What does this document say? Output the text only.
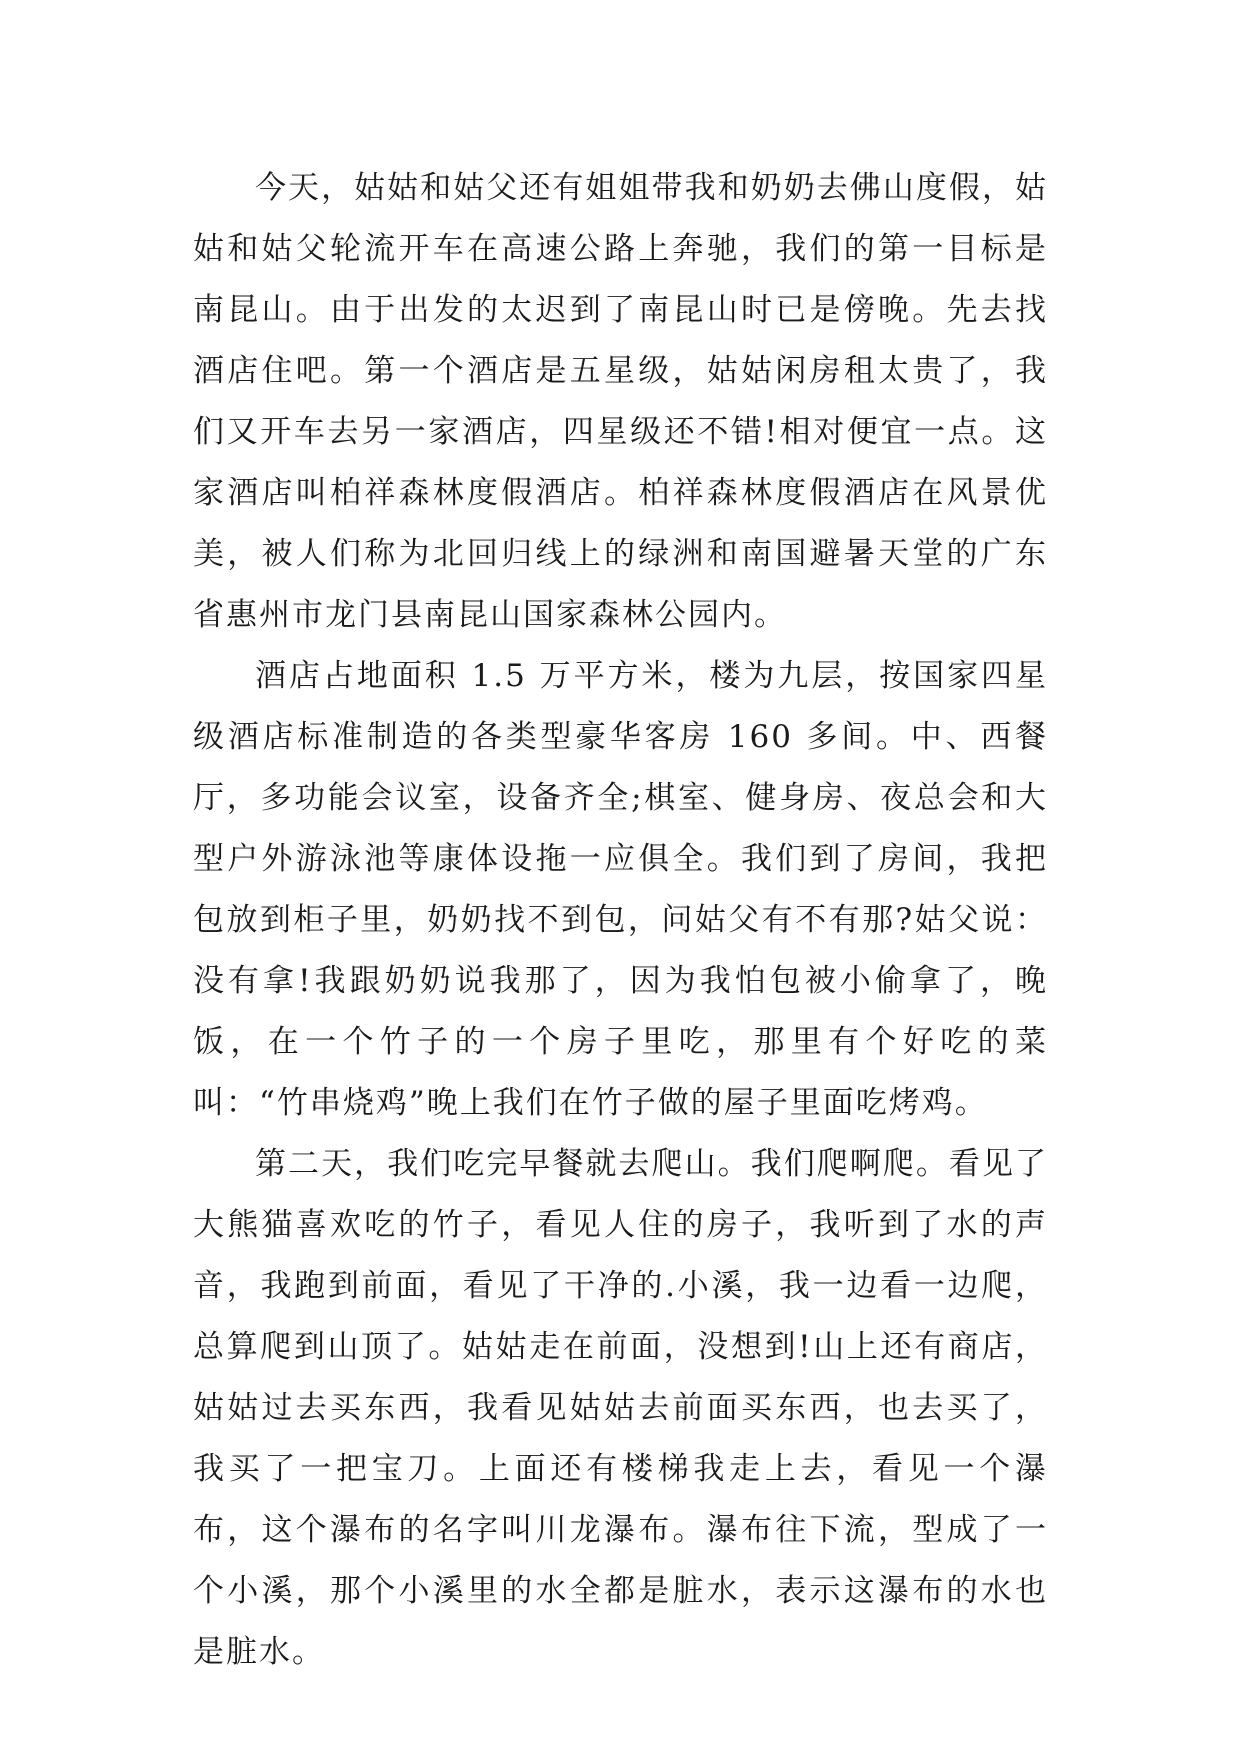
今天，姑姑和姑父还有姐姐带我和奶奶去佛山度假，姑姑和姑父轮流开车在高速公路上奔驰，我们的第一目标是南昆山。由于出发的太迟到了南昆山时已是傍晚。先去找酒店住吧。第一个酒店是五星级，姑姑闲房租太贵了，我们又开车去另一家酒店，四星级还不错!相对便宜一点。这家酒店叫柏祥森林度假酒店。柏祥森林度假酒店在风景优美，被人们称为北回归线上的绿洲和南国避暑天堂的广东省惠州市龙门县南昆山国家森林公园内。

酒店占地面积 1.5 万平方米，楼为九层，按国家四星级酒店标准制造的各类型豪华客房 160 多间。中、西餐厅，多功能会议室，设备齐全;棋室、健身房、夜总会和大型户外游泳池等康体设拖一应俱全。我们到了房间，我把包放到柜子里，奶奶找不到包，问姑父有不有那?姑父说：没有拿!我跟奶奶说我那了，因为我怕包被小偷拿了，晚饭，在一个竹子的一个房子里吃，那里有个好吃的菜叫：“竹串烧鸡”晚上我们在竹子做的屋子里面吃烤鸡。

第二天，我们吃完早餐就去爬山。我们爬啊爬。看见了大熊猫喜欢吃的竹子，看见人住的房子，我听到了水的声音，我跑到前面，看见了干净的.小溪，我一边看一边爬，总算爬到山顶了。姑姑走在前面，没想到!山上还有商店，姑姑过去买东西，我看见姑姑去前面买东西，也去买了，我买了一把宝刀。上面还有楼梯我走上去，看见一个瀑布，这个瀑布的名字叫川龙瀑布。瀑布往下流，型成了一个小溪，那个小溪里的水全都是脏水，表示这瀑布的水也是脏水。
